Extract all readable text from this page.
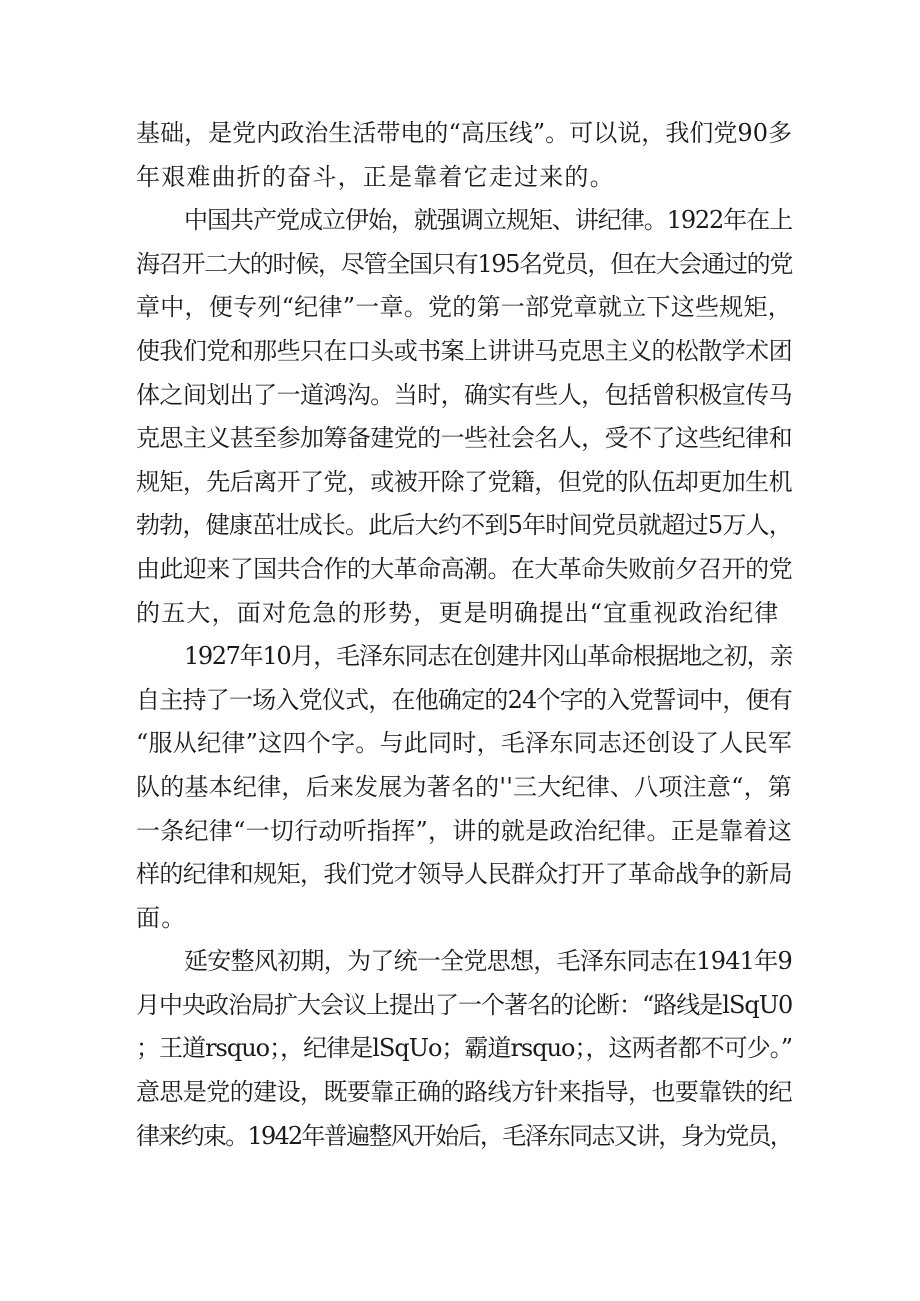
基础，是党内政治生活带电的“高压线”。可以说，我们党90多
年艰难曲折的奋斗，正是靠着它走过来的。
中国共产党成立伊始，就强调立规矩、讲纪律。1922年在上
海召开二大的时候，尽管全国只有195名党员，但在大会通过的党
章中，便专列“纪律”一章。党的第一部党章就立下这些规矩，
使我们党和那些只在口头或书案上讲讲马克思主义的松散学术团
体之间划出了一道鸿沟。当时，确实有些人，包括曾积极宣传马
克思主义甚至参加筹备建党的一些社会名人，受不了这些纪律和
规矩，先后离开了党，或被开除了党籍，但党的队伍却更加生机
勃勃，健康茁壮成长。此后大约不到5年时间党员就超过5万人，
由此迎来了国共合作的大革命高潮。在大革命失败前夕召开的党
的五大，面对危急的形势，更是明确提出“宜重视政治纪律
1927年10月，毛泽东同志在创建井冈山革命根据地之初，亲
自主持了一场入党仪式，在他确定的24个字的入党誓词中，便有
“服从纪律”这四个字。与此同时，毛泽东同志还创设了人民军
队的基本纪律，后来发展为著名的''三大纪律、八项注意“，第
一条纪律“一切行动听指挥”，讲的就是政治纪律。正是靠着这
样的纪律和规矩，我们党才领导人民群众打开了革命战争的新局
面。
延安整风初期，为了统一全党思想，毛泽东同志在1941年9
月中央政治局扩大会议上提出了一个著名的论断：“路线是lSqU0
；王道rsquo；，纪律是lSqUo；霸道rsquo；，这两者都不可少。”
意思是党的建设，既要靠正确的路线方针来指导，也要靠铁的纪
律来约束。1942年普遍整风开始后，毛泽东同志又讲，身为党员，
